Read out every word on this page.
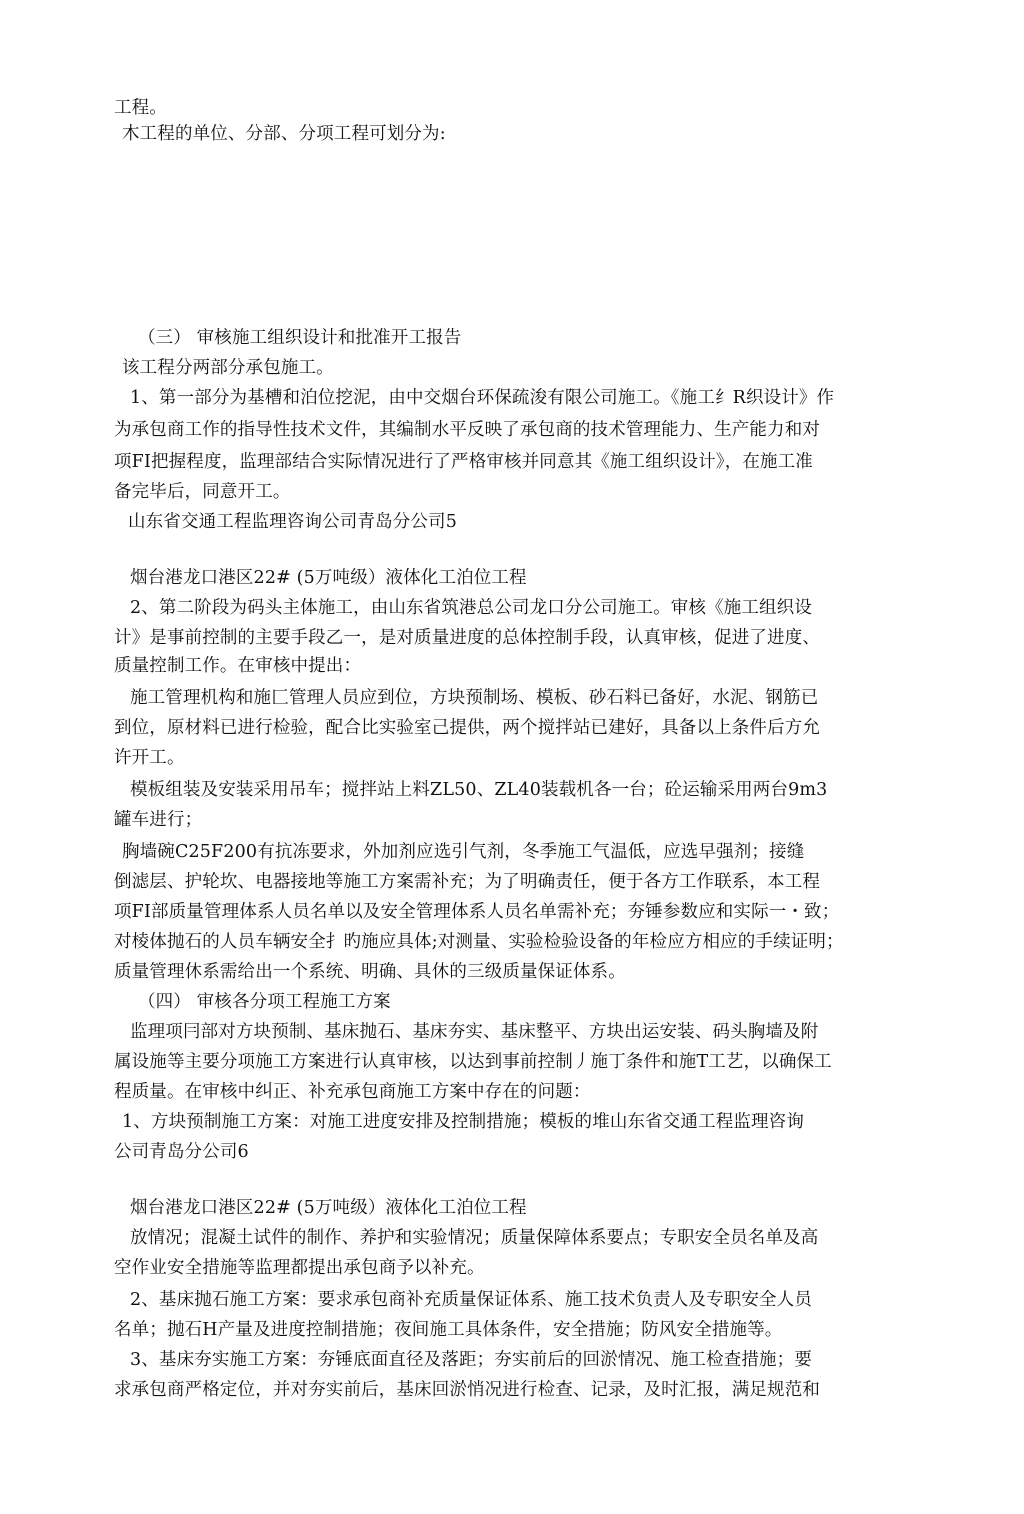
工程。
木工程的单位、分部、分项工程可划分为:
（三） 审核施工组织设计和批准开工报告
该工程分两部分承包施工。
1、第一部分为基槽和泊位挖泥，由中交烟台环保疏浚有限公司施工。《施工纟R织设计》作
为承包商工作的指导性技术文件，其编制水平反映了承包商的技术管理能力、生产能力和对
项FI把握程度，监理部结合实际情况进行了严格审核并同意其《施工组织设计》，在施工准
备完毕后，同意开工。
山东省交通工程监理咨询公司青岛分公司5
烟台港龙口港区22# (5万吨级）液体化工泊位工程
2、第二阶段为码头主体施工，由山东省筑港总公司龙口分公司施工。审核《施工组织设
计》是事前控制的主要手段乙一，是对质量进度的总体控制手段，认真审核，促进了进度、
质量控制工作。在审核中提出：
施工管理机构和施匚管理人员应到位，方块预制场、模板、砂石料已备好，水泥、钢筋已
到位，原材料已进行检验，配合比实验室己提供，两个搅拌站已建好，具备以上条件后方允
许开工。
模板组装及安装采用吊车；搅拌站上料ZL50、ZL40装载机各一台；砼运输采用两台9m3
罐车进行；
胸墙碗C25F200有抗冻要求，外加剂应选引气剂，冬季施工气温低，应选早强剂；接缝
倒滤层、护轮坎、电器接地等施工方案需补充；为了明确责任，便于各方工作联系，本工程
项FI部质量管理体系人员名单以及安全管理体系人员名单需补充；夯锤参数应和实际一・致；
对棱体抛石的人员车辆安全扌旳施应具体;对测量、实验检验设备的年检应方相应的手续证明；
质量管理休系需给出一个系统、明确、具休的三级质量保证体系。
（四） 审核各分项工程施工方案
监理项冃部对方块预制、基床抛石、基床夯实、基床整平、方块出运安装、码头胸墙及附
属设施等主要分项施工方案进行认真审核，以达到事前控制丿施丁条件和施T工艺，以确保工
程质量。在审核中纠正、补充承包商施工方案中存在的问题：
1、方块预制施工方案：对施工进度安排及控制措施；模板的堆山东省交通工程监理咨询
公司青岛分公司6
烟台港龙口港区22# (5万吨级）液体化工泊位工程
放情况；混凝土试件的制作、养护和实验情况；质量保障体系要点；专职安全员名单及高
空作业安全措施等监理都提出承包商予以补充。
2、基床抛石施工方案：要求承包商补充质量保证体系、施工技术负责人及专职安全人员
名单；抛石H产量及进度控制措施；夜间施工具体条件，安全措施；防风安全措施等。
3、基床夯实施工方案：夯锤底面直径及落距；夯实前后的回淤情况、施工检查措施；要
求承包商严格定位，并对夯实前后，基床回淤悄况进行检查、记录，及时汇报，满足规范和
